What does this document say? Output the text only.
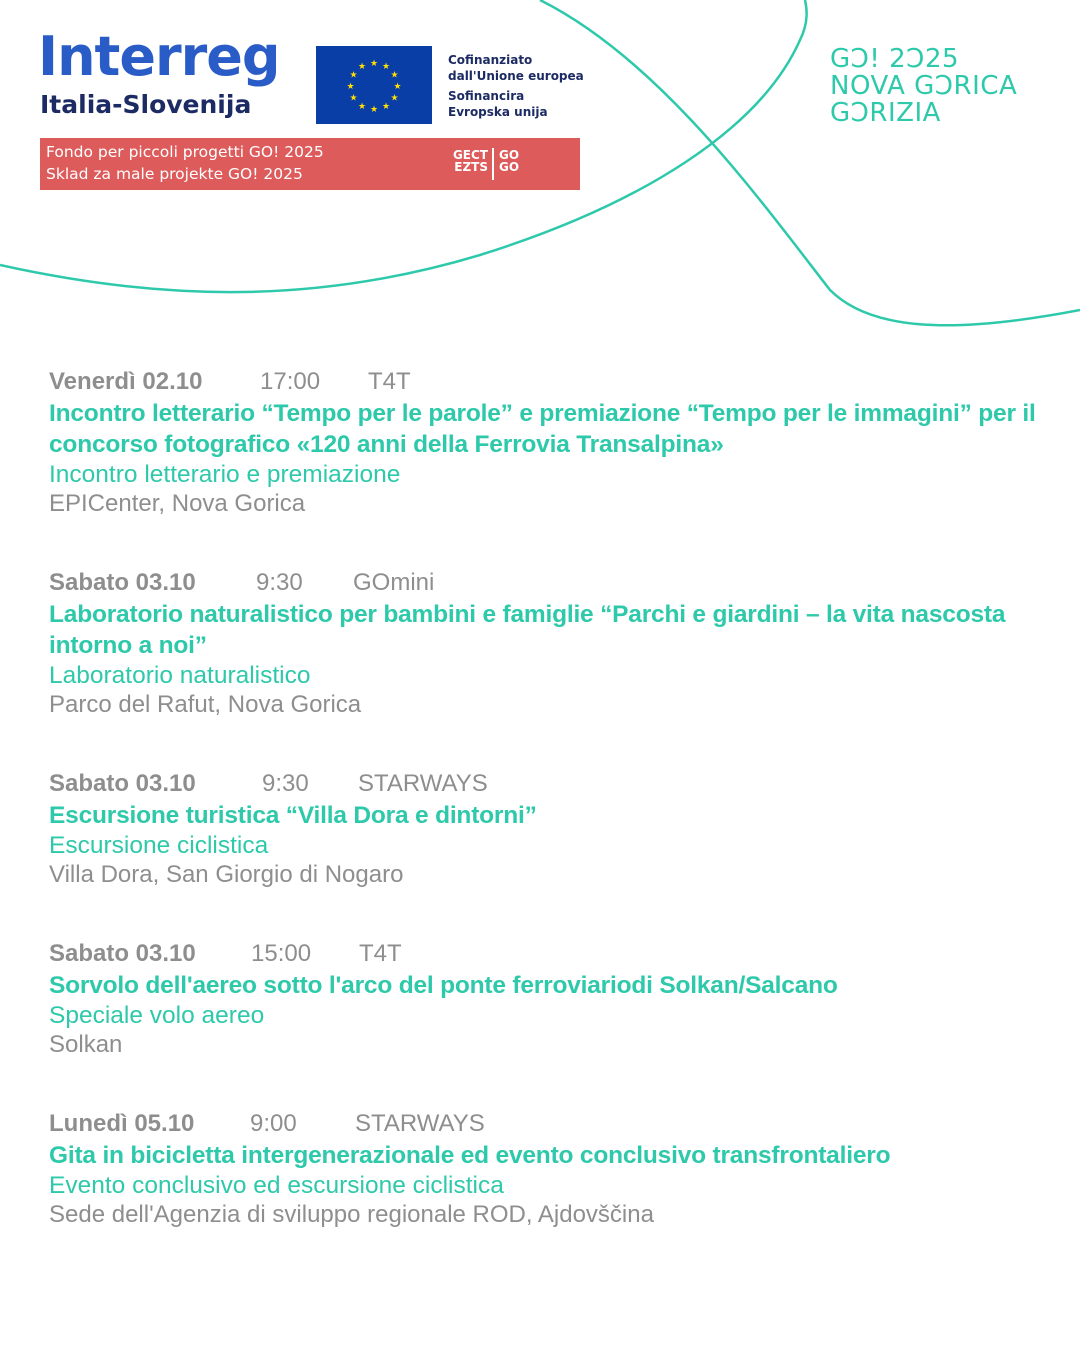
Interreg
Italia-Slovenija
★ ★
★
★
★
★
★
★
★
★
★
★	Cofinanziato
dall'Unione europea
Sofinancira
Evropska unija
Fondo per piccoli progetti GO! 2025
Sklad za male projekte GO! 2025
GECT
EZTS
GO
GO
GϽ! 2Ͻ25
NOVA GϽRICA
GϽRIZIA
Venerdì 02.10 17:00 T4T
Incontro letterario “Tempo per le parole” e premiazione “Tempo per le immagini” per il concorso fotografico «120 anni della Ferrovia Transalpina»
Incontro letterario e premiazione
EPICenter, Nova Gorica
Sabato 03.10	9:30 GOmini
Laboratorio naturalistico per bambini e famiglie “Parchi e giardini – la vita nascosta intorno a noi”
Laboratorio naturalistico
Parco del Rafut, Nova Gorica
Sabato 03.10	9:30 STARWAYS
Escursione turistica “Villa Dora e dintorni”
Escursione ciclistica
Villa Dora, San Giorgio di Nogaro
Sabato 03.10 15:00 T4T
Sorvolo dell'aereo sotto l'arco del ponte ferroviariodi Solkan/Salcano
Speciale volo aereo
Solkan
Lunedì 05.10 9:00 STARWAYS
Gita in bicicletta intergenerazionale ed evento conclusivo transfrontaliero
Evento conclusivo ed escursione ciclistica
Sede dell'Agenzia di sviluppo regionale ROD, Ajdovščina
